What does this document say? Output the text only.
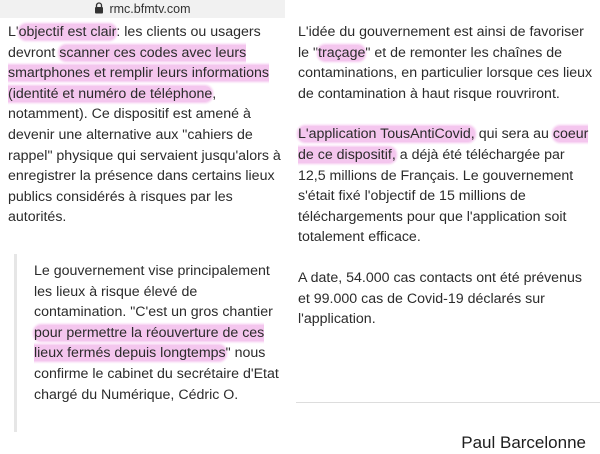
rmc.bfmtv.com

L'objectif est clair: les clients ou usagers devront scanner ces codes avec leurs smartphones et remplir leurs informations (identité et numéro de téléphone, notamment). Ce dispositif est amené à devenir une alternative aux "cahiers de rappel" physique qui servaient jusqu'alors à enregistrer la présence dans certains lieux publics considérés à risques par les autorités.

Le gouvernement vise principalement les lieux à risque élevé de contamination. "C'est un gros chantier pour permettre la réouverture de ces lieux fermés depuis longtemps" nous confirme le cabinet du secrétaire d'Etat chargé du Numérique, Cédric O.

L'idée du gouvernement est ainsi de favoriser le "traçage" et de remonter les chaînes de contaminations, en particulier lorsque ces lieux de contamination à haut risque rouvriront.

L'application TousAntiCovid, qui sera au coeur de ce dispositif, a déjà été téléchargée par 12,5 millions de Français. Le gouvernement s'était fixé l'objectif de 15 millions de téléchargements pour que l'application soit totalement efficace.

A date, 54.000 cas contacts ont été prévenus et 99.000 cas de Covid-19 déclarés sur l'application.

Paul Barcelonne
